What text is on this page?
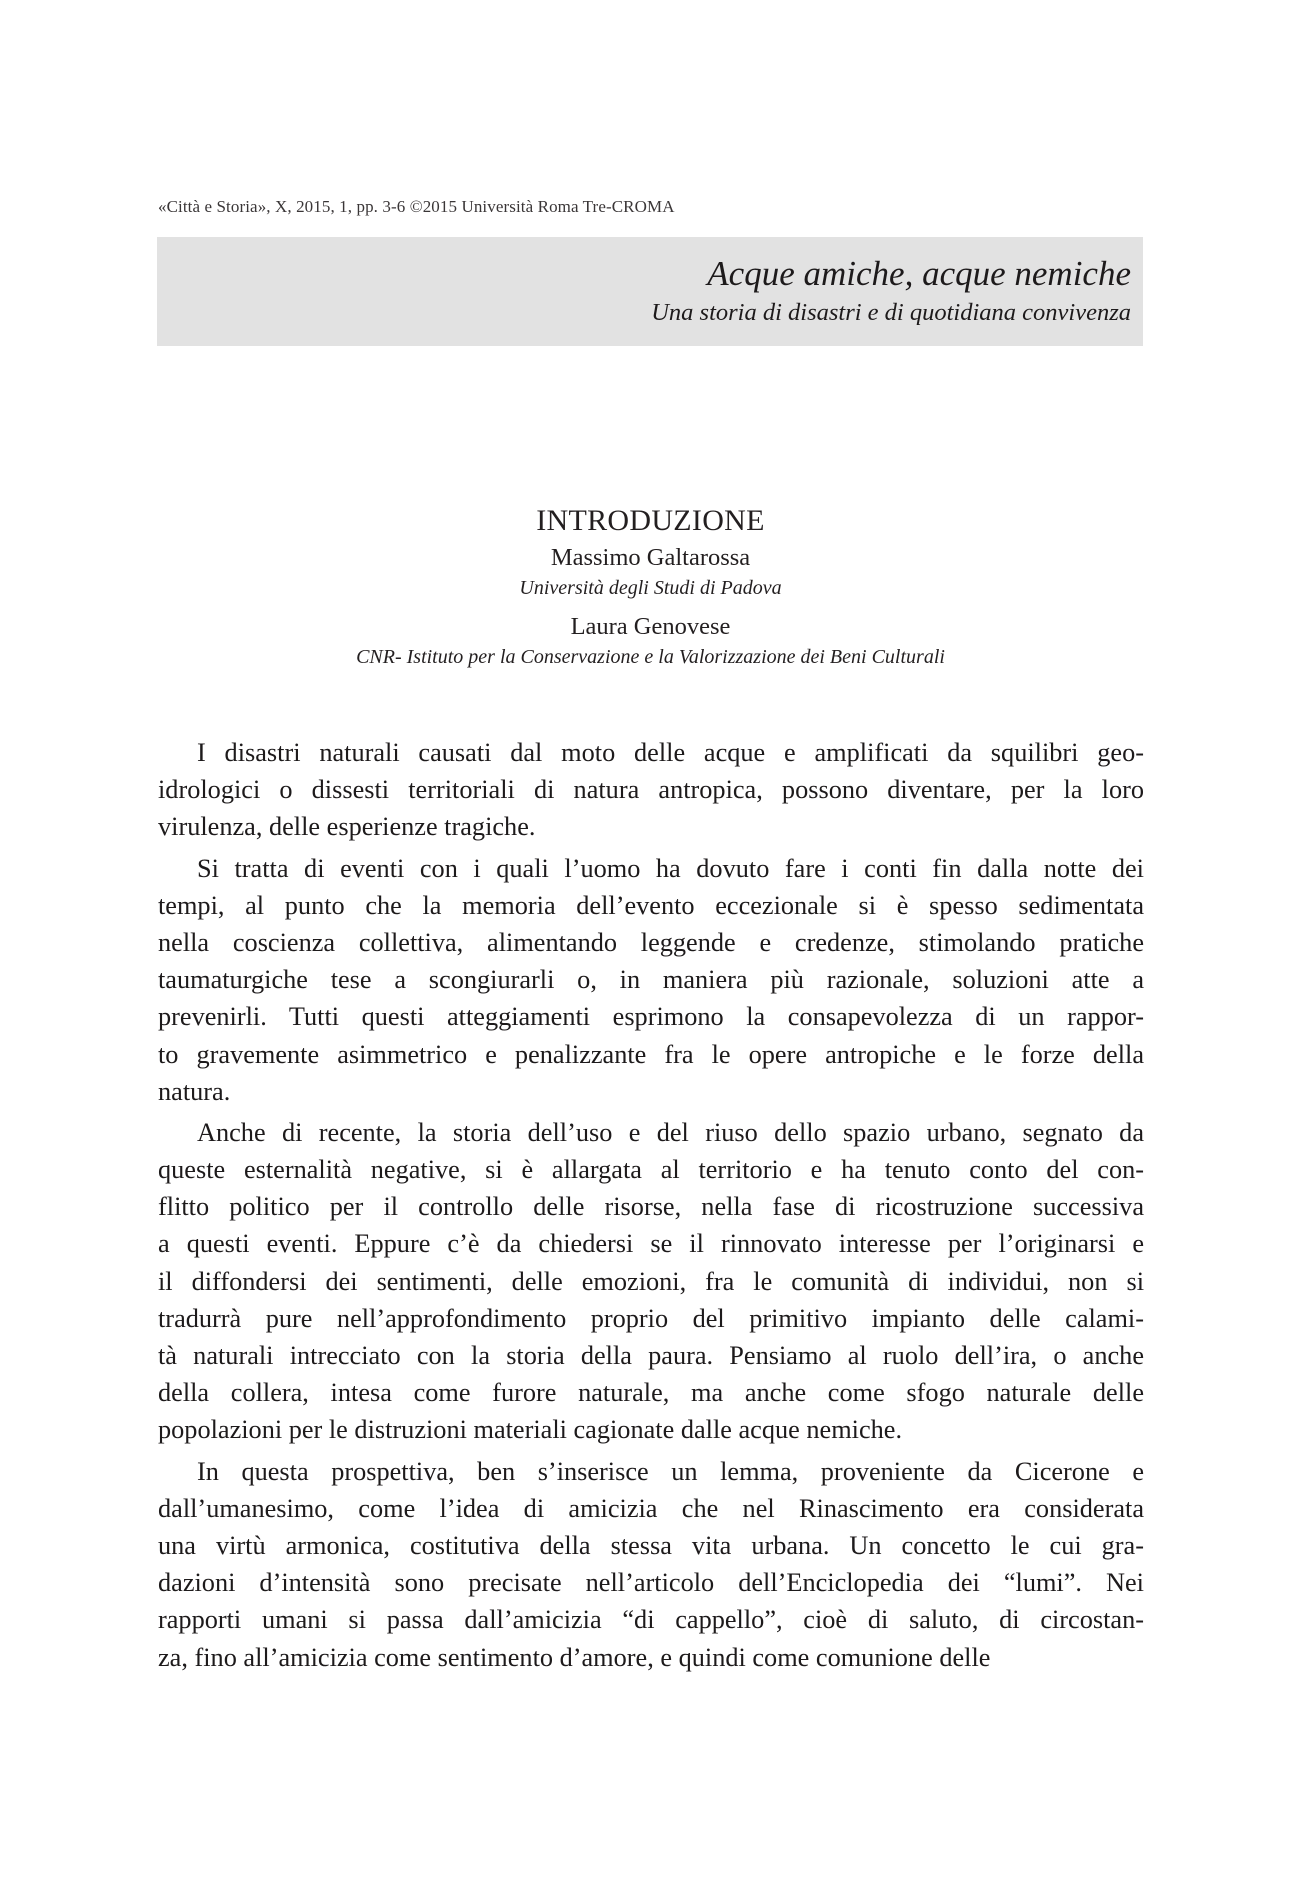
«Città e Storia», X, 2015, 1, pp. 3-6 ©2015 Università Roma Tre-CROMA
Acque amiche, acque nemiche
Una storia di disastri e di quotidiana convivenza
INTRODUZIONE
Massimo Galtarossa
Università degli Studi di Padova
Laura Genovese
CNR- Istituto per la Conservazione e la Valorizzazione dei Beni Culturali
I disastri naturali causati dal moto delle acque e amplificati da squilibri geo-
idrologici o dissesti territoriali di natura antropica, possono diventare, per la loro
virulenza, delle esperienze tragiche.
Si tratta di eventi con i quali l’uomo ha dovuto fare i conti fin dalla notte dei
tempi, al punto che la memoria dell’evento eccezionale si è spesso sedimentata
nella coscienza collettiva, alimentando leggende e credenze, stimolando pratiche
taumaturgiche tese a scongiurarli o, in maniera più razionale, soluzioni atte a
prevenirli. Tutti questi atteggiamenti esprimono la consapevolezza di un rappor-
to gravemente asimmetrico e penalizzante fra le opere antropiche e le forze della
natura.
Anche di recente, la storia dell’uso e del riuso dello spazio urbano, segnato da
queste esternalità negative, si è allargata al territorio e ha tenuto conto del con-
flitto politico per il controllo delle risorse, nella fase di ricostruzione successiva
a questi eventi. Eppure c’è da chiedersi se il rinnovato interesse per l’originarsi e
il diffondersi dei sentimenti, delle emozioni, fra le comunità di individui, non si
tradurrà pure nell’approfondimento proprio del primitivo impianto delle calami-
tà naturali intrecciato con la storia della paura. Pensiamo al ruolo dell’ira, o anche
della collera, intesa come furore naturale, ma anche come sfogo naturale delle
popolazioni per le distruzioni materiali cagionate dalle acque nemiche.
In questa prospettiva, ben s’inserisce un lemma, proveniente da Cicerone e
dall’umanesimo, come l’idea di amicizia che nel Rinascimento era considerata
una virtù armonica, costitutiva della stessa vita urbana. Un concetto le cui gra-
dazioni d’intensità sono precisate nell’articolo dell’Enciclopedia dei “lumi”. Nei
rapporti umani si passa dall’amicizia “di cappello”, cioè di saluto, di circostan-
za, fino all’amicizia come sentimento d’amore, e quindi come comunione delle
